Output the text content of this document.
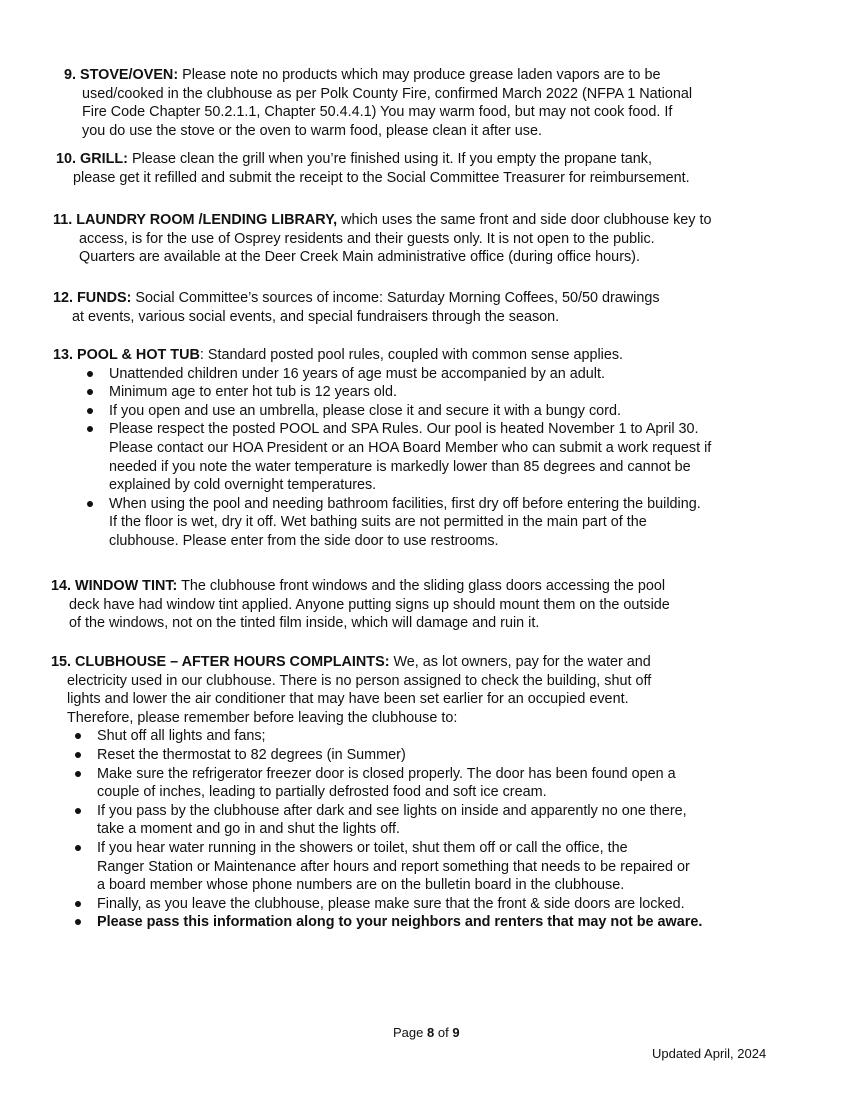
9. STOVE/OVEN: Please note no products which may produce grease laden vapors are to be
used/cooked in the clubhouse as per Polk County Fire, confirmed March 2022 (NFPA 1 National
Fire Code Chapter 50.2.1.1, Chapter 50.4.4.1) You may warm food, but may not cook food. If
you do use the stove or the oven to warm food, please clean it after use.
10. GRILL: Please clean the grill when you’re finished using it. If you empty the propane tank,
please get it refilled and submit the receipt to the Social Committee Treasurer for reimbursement.
11. LAUNDRY ROOM /LENDING LIBRARY, which uses the same front and side door clubhouse key to
access, is for the use of Osprey residents and their guests only. It is not open to the public.
Quarters are available at the Deer Creek Main administrative office (during office hours).
12. FUNDS: Social Committee’s sources of income: Saturday Morning Coffees, 50/50 drawings
at events, various social events, and special fundraisers through the season.
13. POOL & HOT TUB: Standard posted pool rules, coupled with common sense applies.
Unattended children under 16 years of age must be accompanied by an adult.
Minimum age to enter hot tub is 12 years old.
If you open and use an umbrella, please close it and secure it with a bungy cord.
Please respect the posted POOL and SPA Rules. Our pool is heated November 1 to April 30.
Please contact our HOA President or an HOA Board Member who can submit a work request if
needed if you note the water temperature is markedly lower than 85 degrees and cannot be
explained by cold overnight temperatures.
When using the pool and needing bathroom facilities, first dry off before entering the building.
If the floor is wet, dry it off. Wet bathing suits are not permitted in the main part of the
clubhouse. Please enter from the side door to use restrooms.
14. WINDOW TINT: The clubhouse front windows and the sliding glass doors accessing the pool
deck have had window tint applied. Anyone putting signs up should mount them on the outside
of the windows, not on the tinted film inside, which will damage and ruin it.
15. CLUBHOUSE – AFTER HOURS COMPLAINTS: We, as lot owners, pay for the water and
electricity used in our clubhouse. There is no person assigned to check the building, shut off
lights and lower the air conditioner that may have been set earlier for an occupied event.
Therefore, please remember before leaving the clubhouse to:
Shut off all lights and fans;
Reset the thermostat to 82 degrees (in Summer)
Make sure the refrigerator freezer door is closed properly. The door has been found open a
couple of inches, leading to partially defrosted food and soft ice cream.
If you pass by the clubhouse after dark and see lights on inside and apparently no one there,
take a moment and go in and shut the lights off.
If you hear water running in the showers or toilet, shut them off or call the office, the
Ranger Station or Maintenance after hours and report something that needs to be repaired or
a board member whose phone numbers are on the bulletin board in the clubhouse.
Finally, as you leave the clubhouse, please make sure that the front & side doors are locked.
Please pass this information along to your neighbors and renters that may not be aware.
Page 8 of 9
Updated April, 2024
